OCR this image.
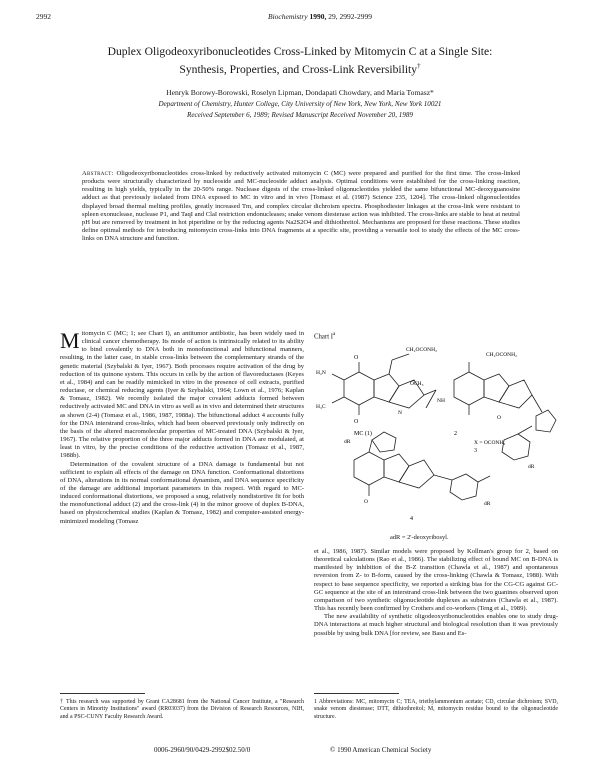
2992	Biochemistry 1990, 29, 2992-2999
Duplex Oligodeoxyribonucleotides Cross-Linked by Mitomycin C at a Single Site:
Synthesis, Properties, and Cross-Link Reversibility†
Henryk Borowy-Borowski, Roselyn Lipman, Dondapati Chowdary, and Maria Tomasz*
Department of Chemistry, Hunter College, City University of New York, New York, New York 10021
Received September 6, 1989; Revised Manuscript Received November 20, 1989
Abstract: Oligodeoxyribonucleotides cross-linked by reductively activated mitomycin C (MC) were prepared and purified for the first time. The cross-linked products were structurally characterized by nucleoside and MC-nucleoside adduct analysis. Optimal conditions were established for the cross-linking reaction, resulting in high yields, typically in the 20-50% range. Nuclease digests of the cross-linked oligonucleotides yielded the same bifunctional MC-deoxyguanosine adduct as that previously isolated from DNA exposed to MC in vitro and in vivo [Tomasz et al. (1987) Science 235, 1204]. The cross-linked oligonucleotides displayed broad thermal melting profiles, greatly increased Tm, and complex circular dichroism spectra. Phosphodiester linkages at the cross-link were resistant to spleen exonuclease, nuclease P1, and TaqI and ClaI restriction endonucleases; snake venom diesterase action was inhibited. The cross-links are stable to heat at neutral pH but are removed by treatment in hot piperidine or by the reducing agents Na2S2O4 and dithiothreitol. Mechanisms are proposed for these reactions. These studies define optimal methods for introducing mitomycin cross-links into DNA fragments at a specific site, providing a versatile tool to study the effects of the MC cross-links on DNA structure and function.

Mitomycin C (MC; 1; see Chart I), an antitumor antibiotic, has been widely used in clinical cancer chemotherapy. Its mode of action is intrinsically related to its ability to bind covalently to DNA both in monofunctional and bifunctional manners, resulting, in the latter case, in stable cross-links between the complementary strands of the genetic material (Szybalski & Iyer, 1967). Both processes require activation of the drug by reduction of its quinone system. This occurs in cells by the action of flavoreductases (Keyes et al., 1984) and can be readily mimicked in vitro in the presence of cell extracts, purified reductase, or chemical reducing agents (Iyer & Szybalski, 1964; Lown et al., 1976; Kaplan & Tomasz, 1982). We recently isolated the major covalent adducts formed between reductively activated MC and DNA in vitro as well as in vivo and determined their structures as shown (2-4) (Tomasz et al., 1986, 1987, 1988a). The bifunctional adduct 4 accounts fully for the DNA interstrand cross-links, which had been observed previously only indirectly on the basis of the altered macromolecular properties of MC-treated DNA (Szybalski & Iyer, 1967). The relative proportion of the three major adducts formed in DNA are modulated, at least in vitro, by the precise conditions of the reductive activation (Tomasz et al., 1987, 1988b).

Determination of the covalent structure of a DNA damage is fundamental but not sufficient to explain all effects of the damage on DNA function. Conformational distortions of DNA, alterations in its normal conformational dynamism, and DNA sequence specificity of the damage are additional important parameters in this respect. With regard to MC-induced conformational distortions, we proposed a snug, relatively nondistortive fit for both the monofunctional adduct (2) and the cross-link (4) in the minor groove of duplex B-DNA, based on physicochemical studies (Kaplan & Tomasz, 1982) and computer-assisted energy-minimized modeling (Tomasz

Chart $I^a$
O
O
H₂N
H₃C
CH₂OCONH₂
OCH₃
NH
N
MC (1)
CH₂OCONH₂
O
dR
2
X = OCONH₂
3
dR
dR
O
4
adR = 2'-deoxyribosyl.

et al., 1986, 1987). Similar models were proposed by Kollman's group for 2, based on theoretical calculations (Rao et al., 1986). The stabilizing effect of bound MC on B-DNA is manifested by inhibition of the B-Z transition (Chawla et al., 1987) and spontaneous reversion from Z- to B-form, caused by the cross-linking (Chawla & Tomasz, 1988). With respect to base sequence specificity, we reported a striking bias for the CG-CG against GC-GC sequence at the site of an interstrand cross-link between the two guanines observed upon comparison of two synthetic oligonucleotide duplexes as substrates (Chawla et al., 1987). This has recently been confirmed by Crothers and co-workers (Teng et al., 1989).

The new availability of synthetic oligodeoxyribonucleotides enables one to study drug-DNA interactions at much higher structural and biological resolution than it was previously possible by using bulk DNA [for review, see Basu and Es-

† This research was supported by Grant CA28681 from the National Cancer Institute, a "Research Centers in Minority Institutions" award (RR03037) from the Division of Research Resources, NIH, and a PSC-CUNY Faculty Research Award.
1 Abbreviations: MC, mitomycin C; TEA, triethylammonium acetate; CD, circular dichroism; SVD, snake venom diesterase; DTT, dithiothreitol; M, mitomycin residue bound to the oligonucleotide structure.
0006-2960/90/0429-2992$02.50/0	© 1990 American Chemical Society
